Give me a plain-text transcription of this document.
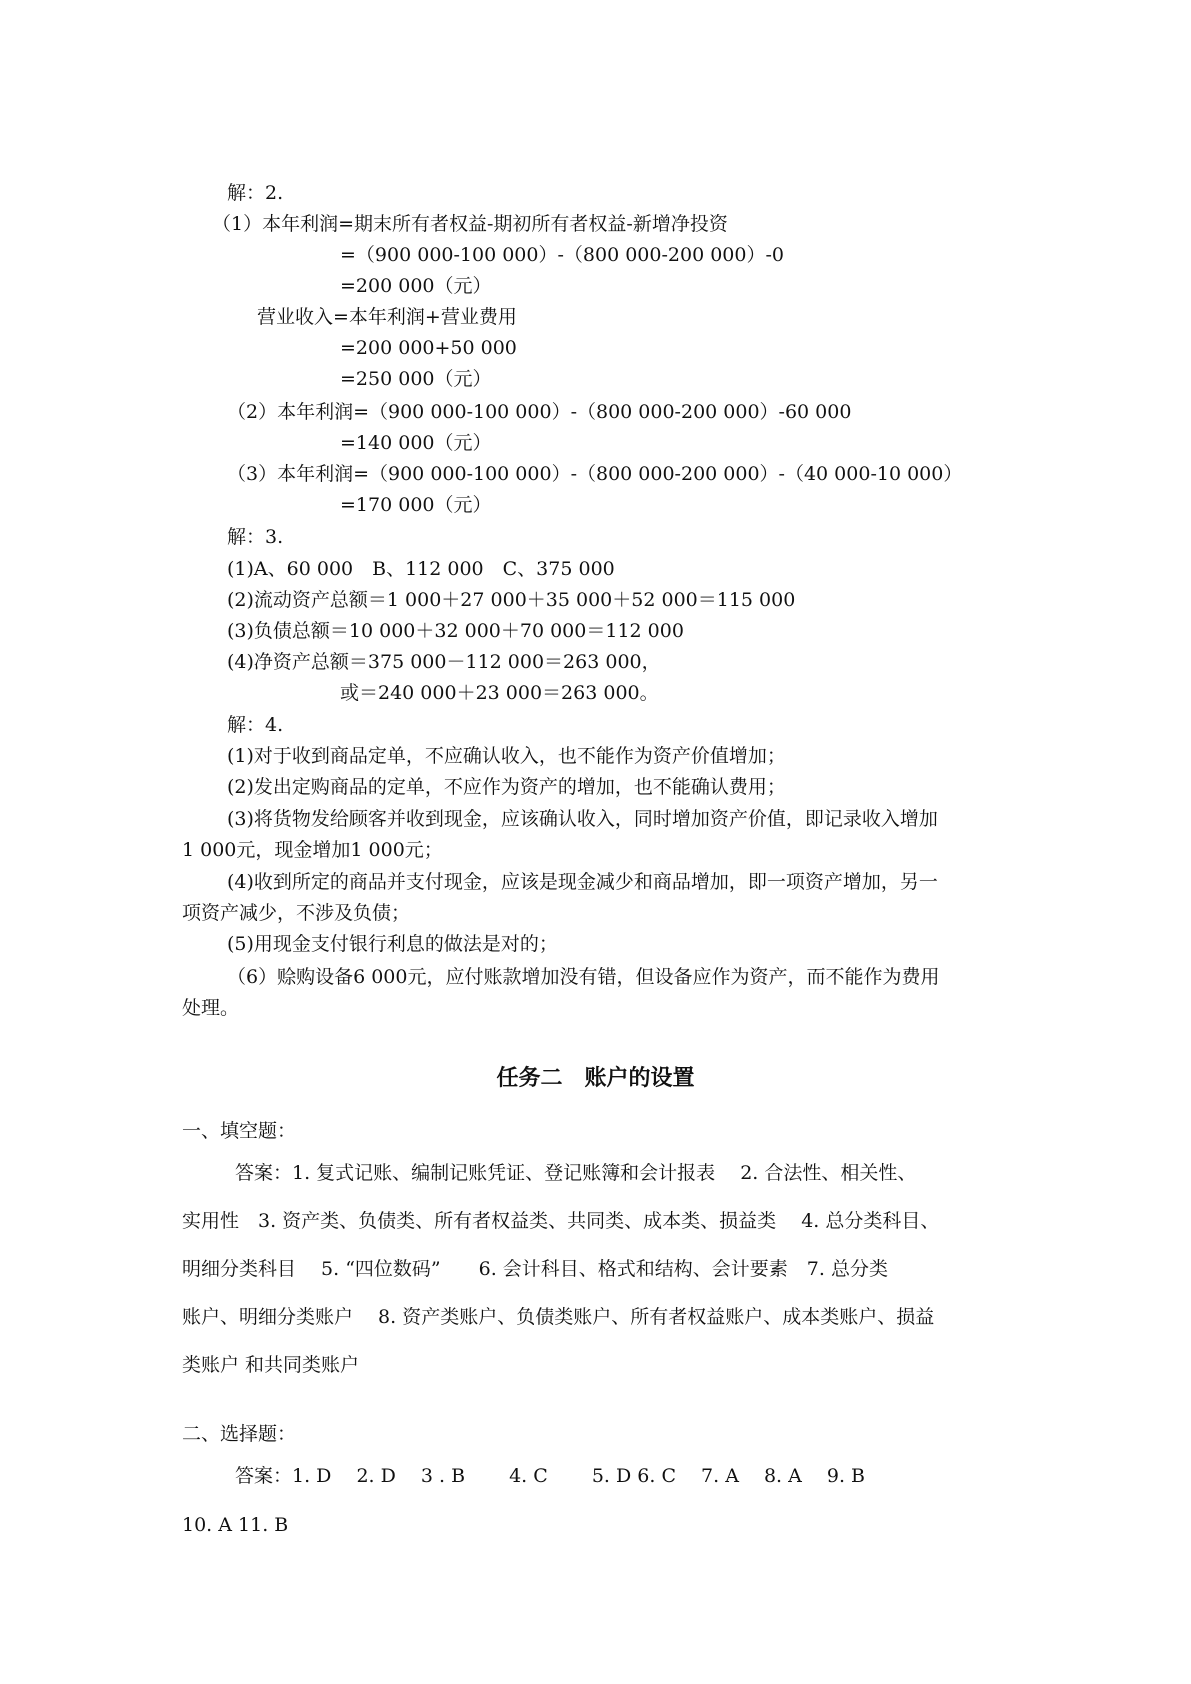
解：2.
（1）本年利润=期末所有者权益-期初所有者权益-新增净投资
=（900 000-100 000）-（800 000-200 000）-0
=200 000（元）
营业收入=本年利润+营业费用
=200 000+50 000
=250 000（元）
（2）本年利润=（900 000-100 000）-（800 000-200 000）-60 000
=140 000（元）
（3）本年利润=（900 000-100 000）-（800 000-200 000）-（40 000-10 000）
=170 000（元）
解：3.
(1)A、60 000　B、112 000　C、375 000
(2)流动资产总额＝1 000＋27 000＋35 000＋52 000＝115 000
(3)负债总额＝10 000＋32 000＋70 000＝112 000
(4)净资产总额＝375 000－112 000＝263 000，
或＝240 000＋23 000＝263 000。
解：4.
(1)对于收到商品定单，不应确认收入，也不能作为资产价值增加；
(2)发出定购商品的定单，不应作为资产的增加，也不能确认费用；
(3)将货物发给顾客并收到现金，应该确认收入，同时增加资产价值，即记录收入增加
1 000元，现金增加1 000元；
(4)收到所定的商品并支付现金，应该是现金减少和商品增加，即一项资产增加，另一
项资产减少，不涉及负债；
(5)用现金支付银行利息的做法是对的；
（6）赊购设备6 000元，应付账款增加没有错，但设备应作为资产，而不能作为费用
处理。
任务二　账户的设置
一、填空题：
答案：1. 复式记账、编制记账凭证、登记账簿和会计报表　 2. 合法性、相关性、
实用性　3. 资产类、负债类、所有者权益类、共同类、成本类、损益类　 4. 总分类科目、
明细分类科目　 5. “四位数码”　　6. 会计科目、格式和结构、会计要素　7. 总分类
账户、明细分类账户　 8. 资产类账户、负债类账户、所有者权益账户、成本类账户、损益
类账户 和共同类账户
二、选择题：
答案：1. D　 2. D　 3 . B　　 4. C　　 5. D 6. C　 7. A　 8. A　 9. B
10. A 11. B
